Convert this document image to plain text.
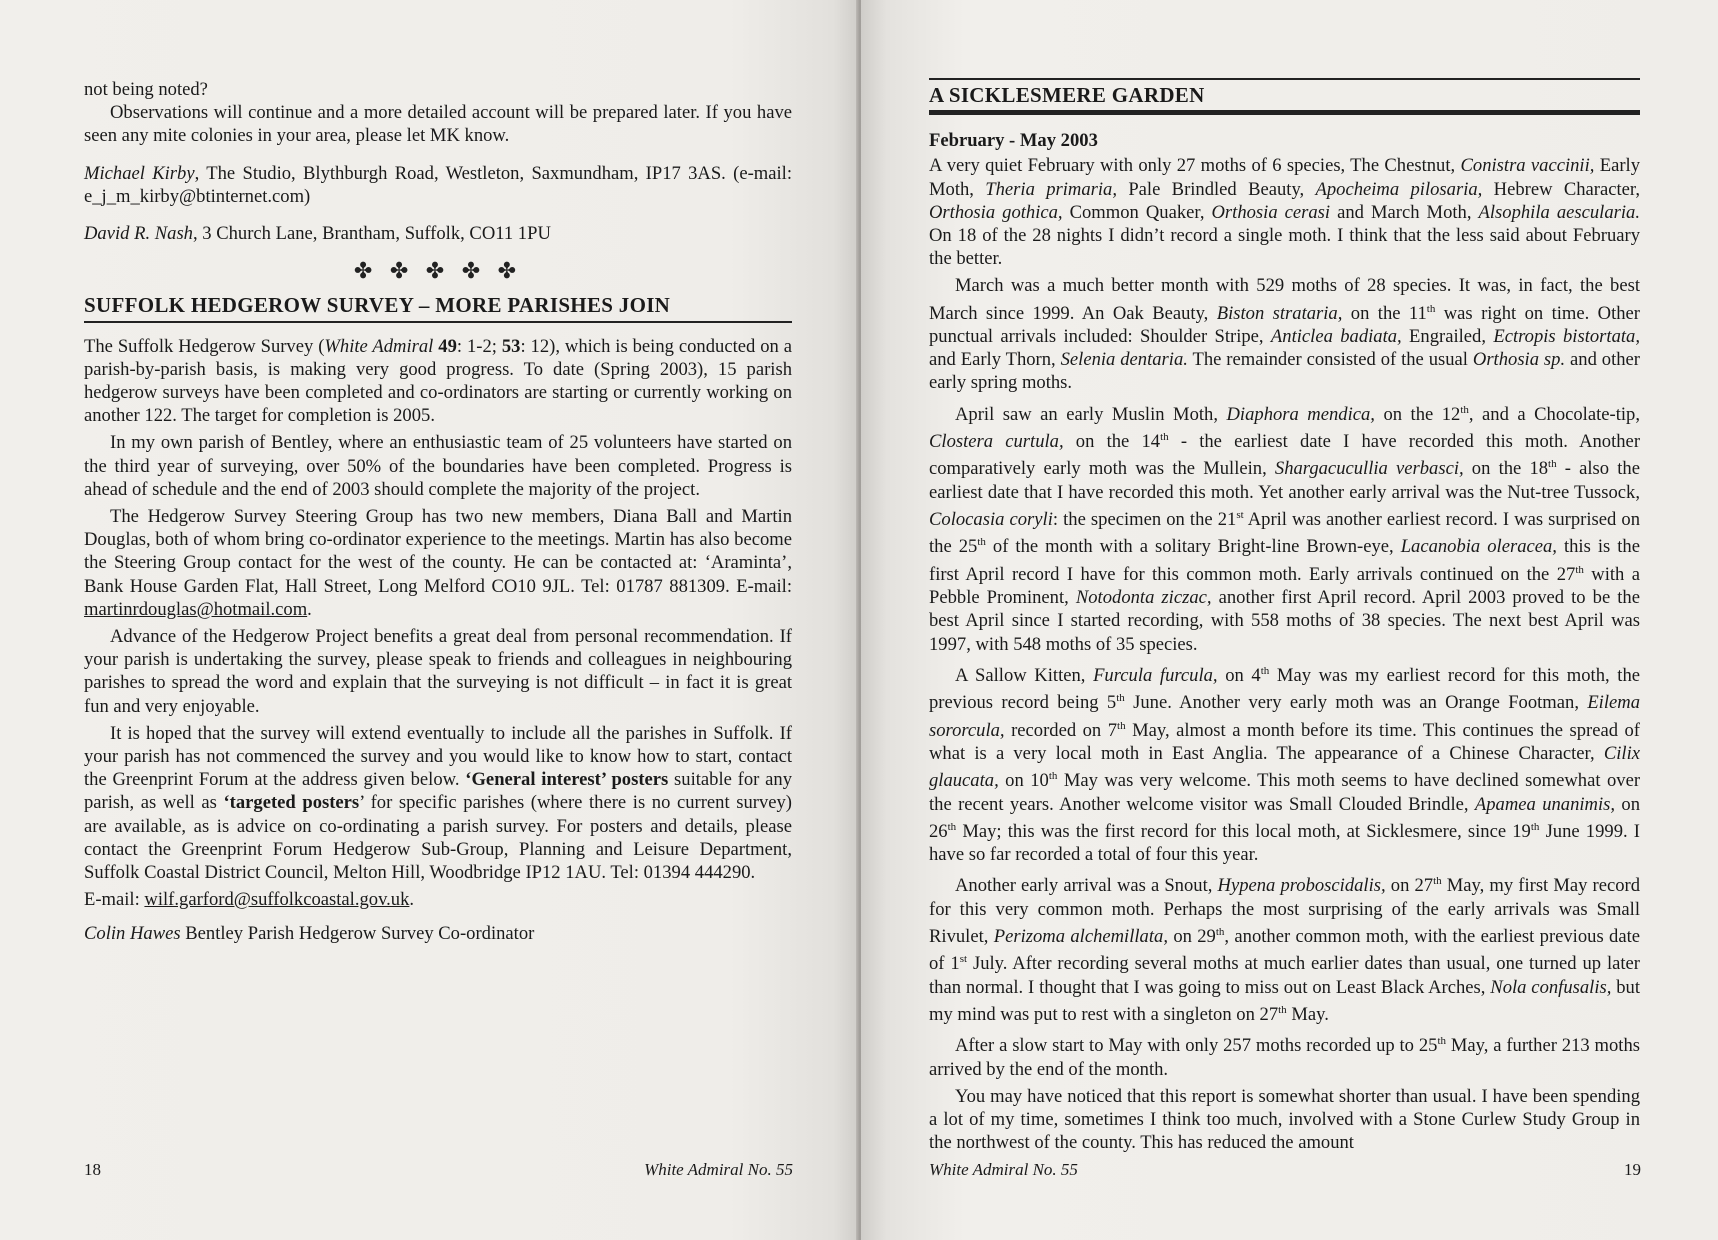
not being noted?

Observations will continue and a more detailed account will be prepared later. If you have seen any mite colonies in your area, please let MK know.

Michael Kirby, The Studio, Blythburgh Road, Westleton, Saxmundham, IP17 3AS. (e-mail: e_j_m_kirby@btinternet.com)

David R. Nash, 3 Church Lane, Brantham, Suffolk, CO11 1PU

✤ ✤ ✤ ✤ ✤
SUFFOLK HEDGEROW SURVEY – MORE PARISHES JOIN

The Suffolk Hedgerow Survey (White Admiral 49: 1-2; 53: 12), which is being conducted on a parish-by-parish basis, is making very good progress. To date (Spring 2003), 15 parish hedgerow surveys have been completed and co-ordinators are starting or currently working on another 122. The target for completion is 2005.

In my own parish of Bentley, where an enthusiastic team of 25 volunteers have started on the third year of surveying, over 50% of the boundaries have been completed. Progress is ahead of schedule and the end of 2003 should complete the majority of the project.

The Hedgerow Survey Steering Group has two new members, Diana Ball and Martin Douglas, both of whom bring co-ordinator experience to the meetings. Martin has also become the Steering Group contact for the west of the county. He can be contacted at: ‘Araminta’, Bank House Garden Flat, Hall Street, Long Melford CO10 9JL. Tel: 01787 881309. E-mail: martinrdouglas@hotmail.com.

Advance of the Hedgerow Project benefits a great deal from personal recommendation. If your parish is undertaking the survey, please speak to friends and colleagues in neighbouring parishes to spread the word and explain that the surveying is not difficult – in fact it is great fun and very enjoyable.

It is hoped that the survey will extend eventually to include all the parishes in Suffolk. If your parish has not commenced the survey and you would like to know how to start, contact the Greenprint Forum at the address given below. ‘General interest’ posters suitable for any parish, as well as ‘targeted posters’ for specific parishes (where there is no current survey) are available, as is advice on co-ordinating a parish survey. For posters and details, please contact the Greenprint Forum Hedgerow Sub-Group, Planning and Leisure Department, Suffolk Coastal District Council, Melton Hill, Woodbridge IP12 1AU. Tel: 01394 444290.

E-mail: wilf.garford@suffolkcoastal.gov.uk.

Colin Hawes Bentley Parish Hedgerow Survey Co-ordinator

18	White Admiral No. 55
A SICKLESMERE GARDEN
February - May 2003

A very quiet February with only 27 moths of 6 species, The Chestnut, Conistra vaccinii, Early Moth, Theria primaria, Pale Brindled Beauty, Apocheima pilosaria, Hebrew Character, Orthosia gothica, Common Quaker, Orthosia cerasi and March Moth, Alsophila aescularia. On 18 of the 28 nights I didn’t record a single moth. I think that the less said about February the better.

March was a much better month with 529 moths of 28 species. It was, in fact, the best March since 1999. An Oak Beauty, Biston strataria, on the 11th was right on time. Other punctual arrivals included: Shoulder Stripe, Anticlea badiata, Engrailed, Ectropis bistortata, and Early Thorn, Selenia dentaria. The remainder consisted of the usual Orthosia sp. and other early spring moths.

April saw an early Muslin Moth, Diaphora mendica, on the 12th, and a Chocolate-tip, Clostera curtula, on the 14th - the earliest date I have recorded this moth. Another comparatively early moth was the Mullein, Shargacucullia verbasci, on the 18th - also the earliest date that I have recorded this moth. Yet another early arrival was the Nut-tree Tussock, Colocasia coryli: the specimen on the 21st April was another earliest record. I was surprised on the 25th of the month with a solitary Bright-line Brown-eye, Lacanobia oleracea, this is the first April record I have for this common moth. Early arrivals continued on the 27th with a Pebble Prominent, Notodonta ziczac, another first April record. April 2003 proved to be the best April since I started recording, with 558 moths of 38 species. The next best April was 1997, with 548 moths of 35 species.

A Sallow Kitten, Furcula furcula, on 4th May was my earliest record for this moth, the previous record being 5th June. Another very early moth was an Orange Footman, Eilema sororcula, recorded on 7th May, almost a month before its time. This continues the spread of what is a very local moth in East Anglia. The appearance of a Chinese Character, Cilix glaucata, on 10th May was very welcome. This moth seems to have declined somewhat over the recent years. Another welcome visitor was Small Clouded Brindle, Apamea unanimis, on 26th May; this was the first record for this local moth, at Sicklesmere, since 19th June 1999. I have so far recorded a total of four this year.

Another early arrival was a Snout, Hypena proboscidalis, on 27th May, my first May record for this very common moth. Perhaps the most surprising of the early arrivals was Small Rivulet, Perizoma alchemillata, on 29th, another common moth, with the earliest previous date of 1st July. After recording several moths at much earlier dates than usual, one turned up later than normal. I thought that I was going to miss out on Least Black Arches, Nola confusalis, but my mind was put to rest with a singleton on 27th May.

After a slow start to May with only 257 moths recorded up to 25th May, a further 213 moths arrived by the end of the month.

You may have noticed that this report is somewhat shorter than usual. I have been spending a lot of my time, sometimes I think too much, involved with a Stone Curlew Study Group in the northwest of the county. This has reduced the amount

White Admiral No. 55	19
